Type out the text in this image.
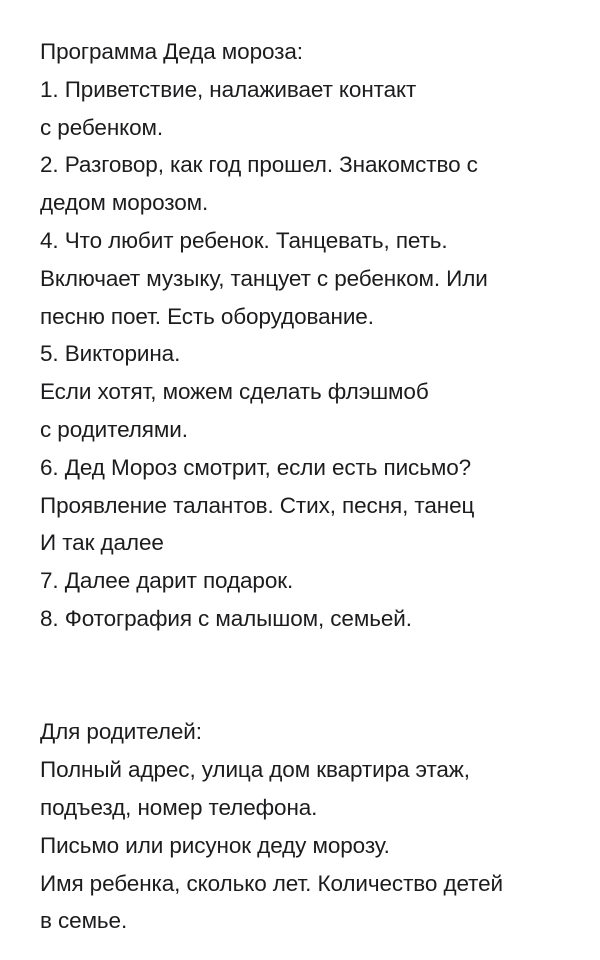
Программа Деда мороза:
1. Приветствие, налаживает контакт
с ребенком.
2. Разговор, как год прошел. Знакомство с
дедом морозом.
4. Что любит ребенок. Танцевать, петь.
Включает музыку, танцует с ребенком. Или
песню поет. Есть оборудование.
5. Викторина.
Если хотят, можем сделать флэшмоб
с родителями.
6. Дед Мороз смотрит, если есть письмо?
Проявление талантов. Стих, песня, танец
И так далее
7. Далее дарит подарок.
8. Фотография с малышом, семьей.
Для родителей:
Полный адрес, улица дом квартира этаж,
подъезд, номер телефона.
Письмо или рисунок деду морозу.
Имя ребенка, сколько лет. Количество детей
в семье.
